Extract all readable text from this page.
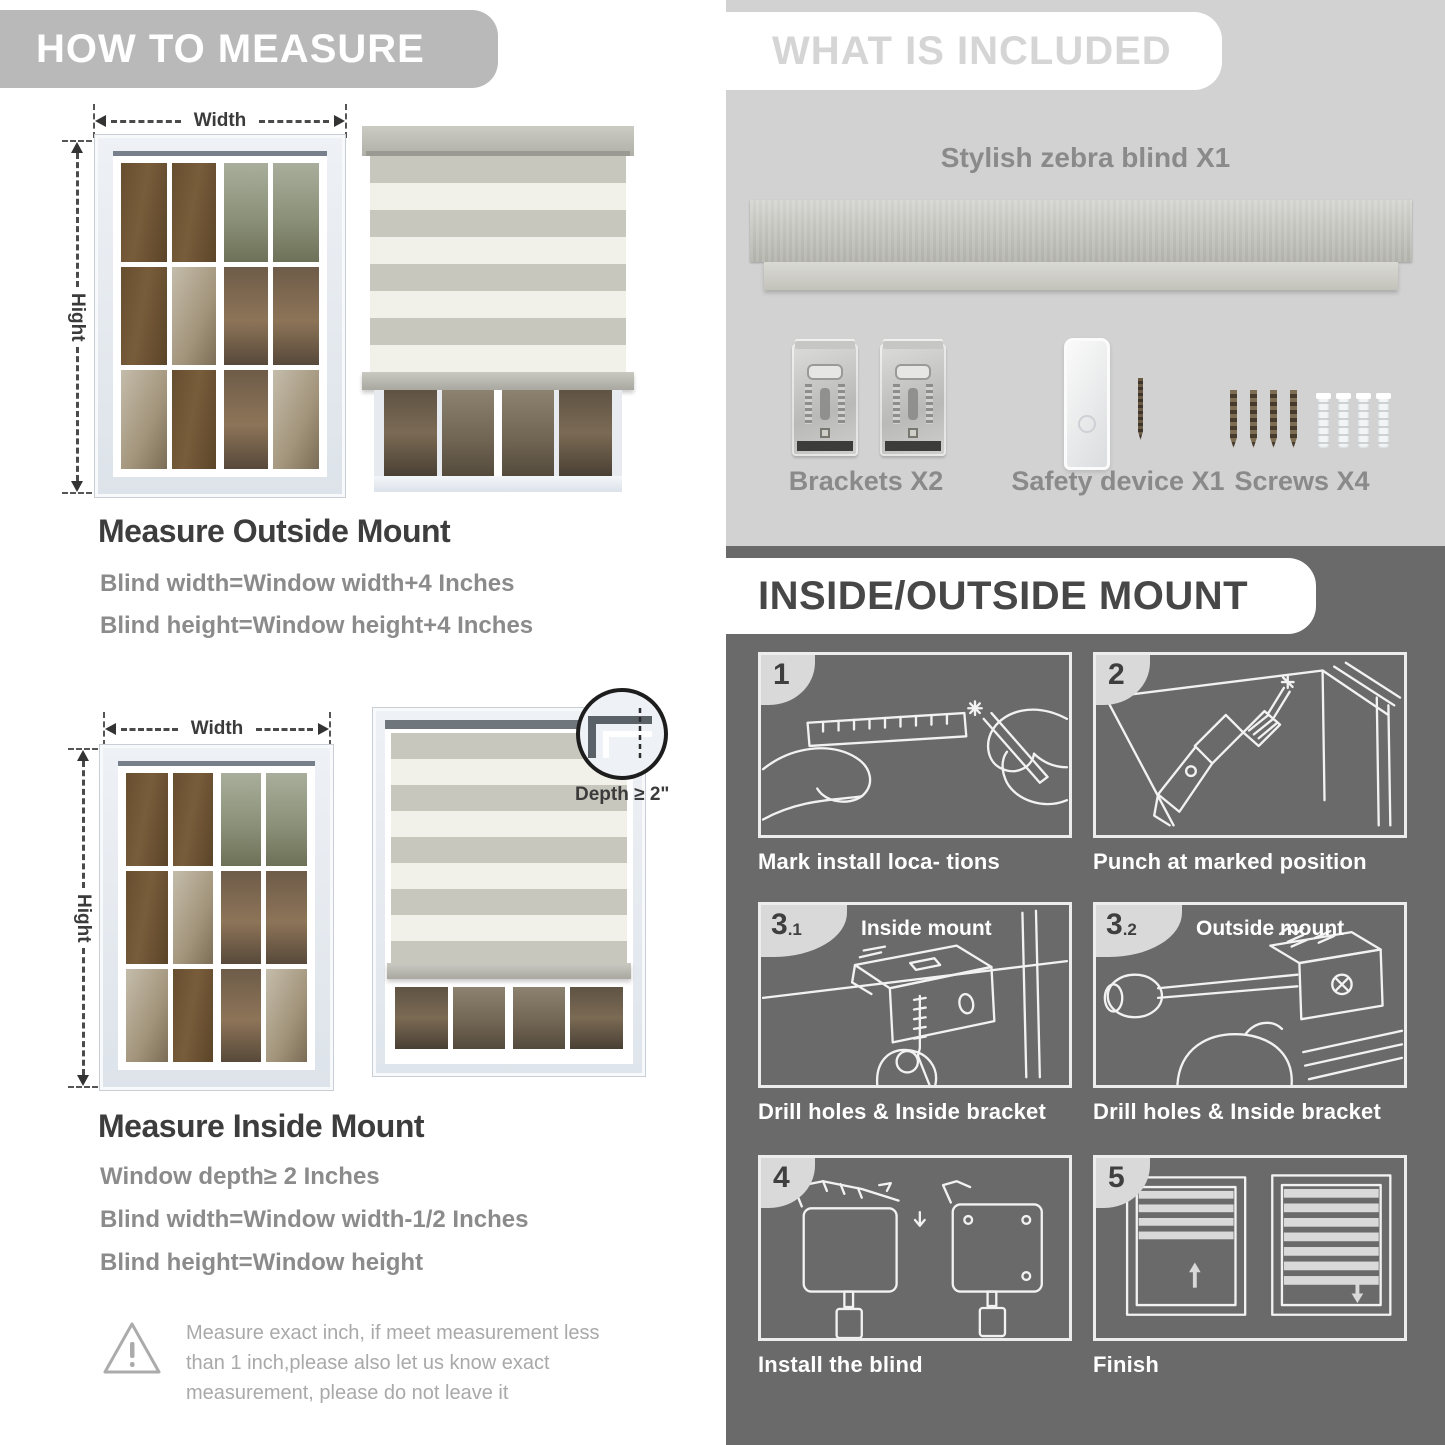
HOW TO MEASURE
Width
Hight
Measure Outside Mount
Blind width=Window width+4 Inches
Blind height=Window height+4 Inches
Width
Hight
Depth ≥ 2"
Measure Inside Mount
Window depth≥ 2 Inches
Blind width=Window width-1/2 Inches
Blind height=Window height
Measure exact inch, if meet measurement less than 1 inch,please also let us know exact measurement, please do not leave it
WHAT IS INCLUDED
Stylish zebra blind X1

Brackets X2	Safety device X1 Screws X4
INSIDE/OUTSIDE MOUNT
1
Mark install loca- tions
2
Punch at marked position
3 .1	Inside mount
Drill holes & Inside bracket
3 .2	Outside mount
Drill holes & Inside bracket
4
Install the blind
5
Finish
